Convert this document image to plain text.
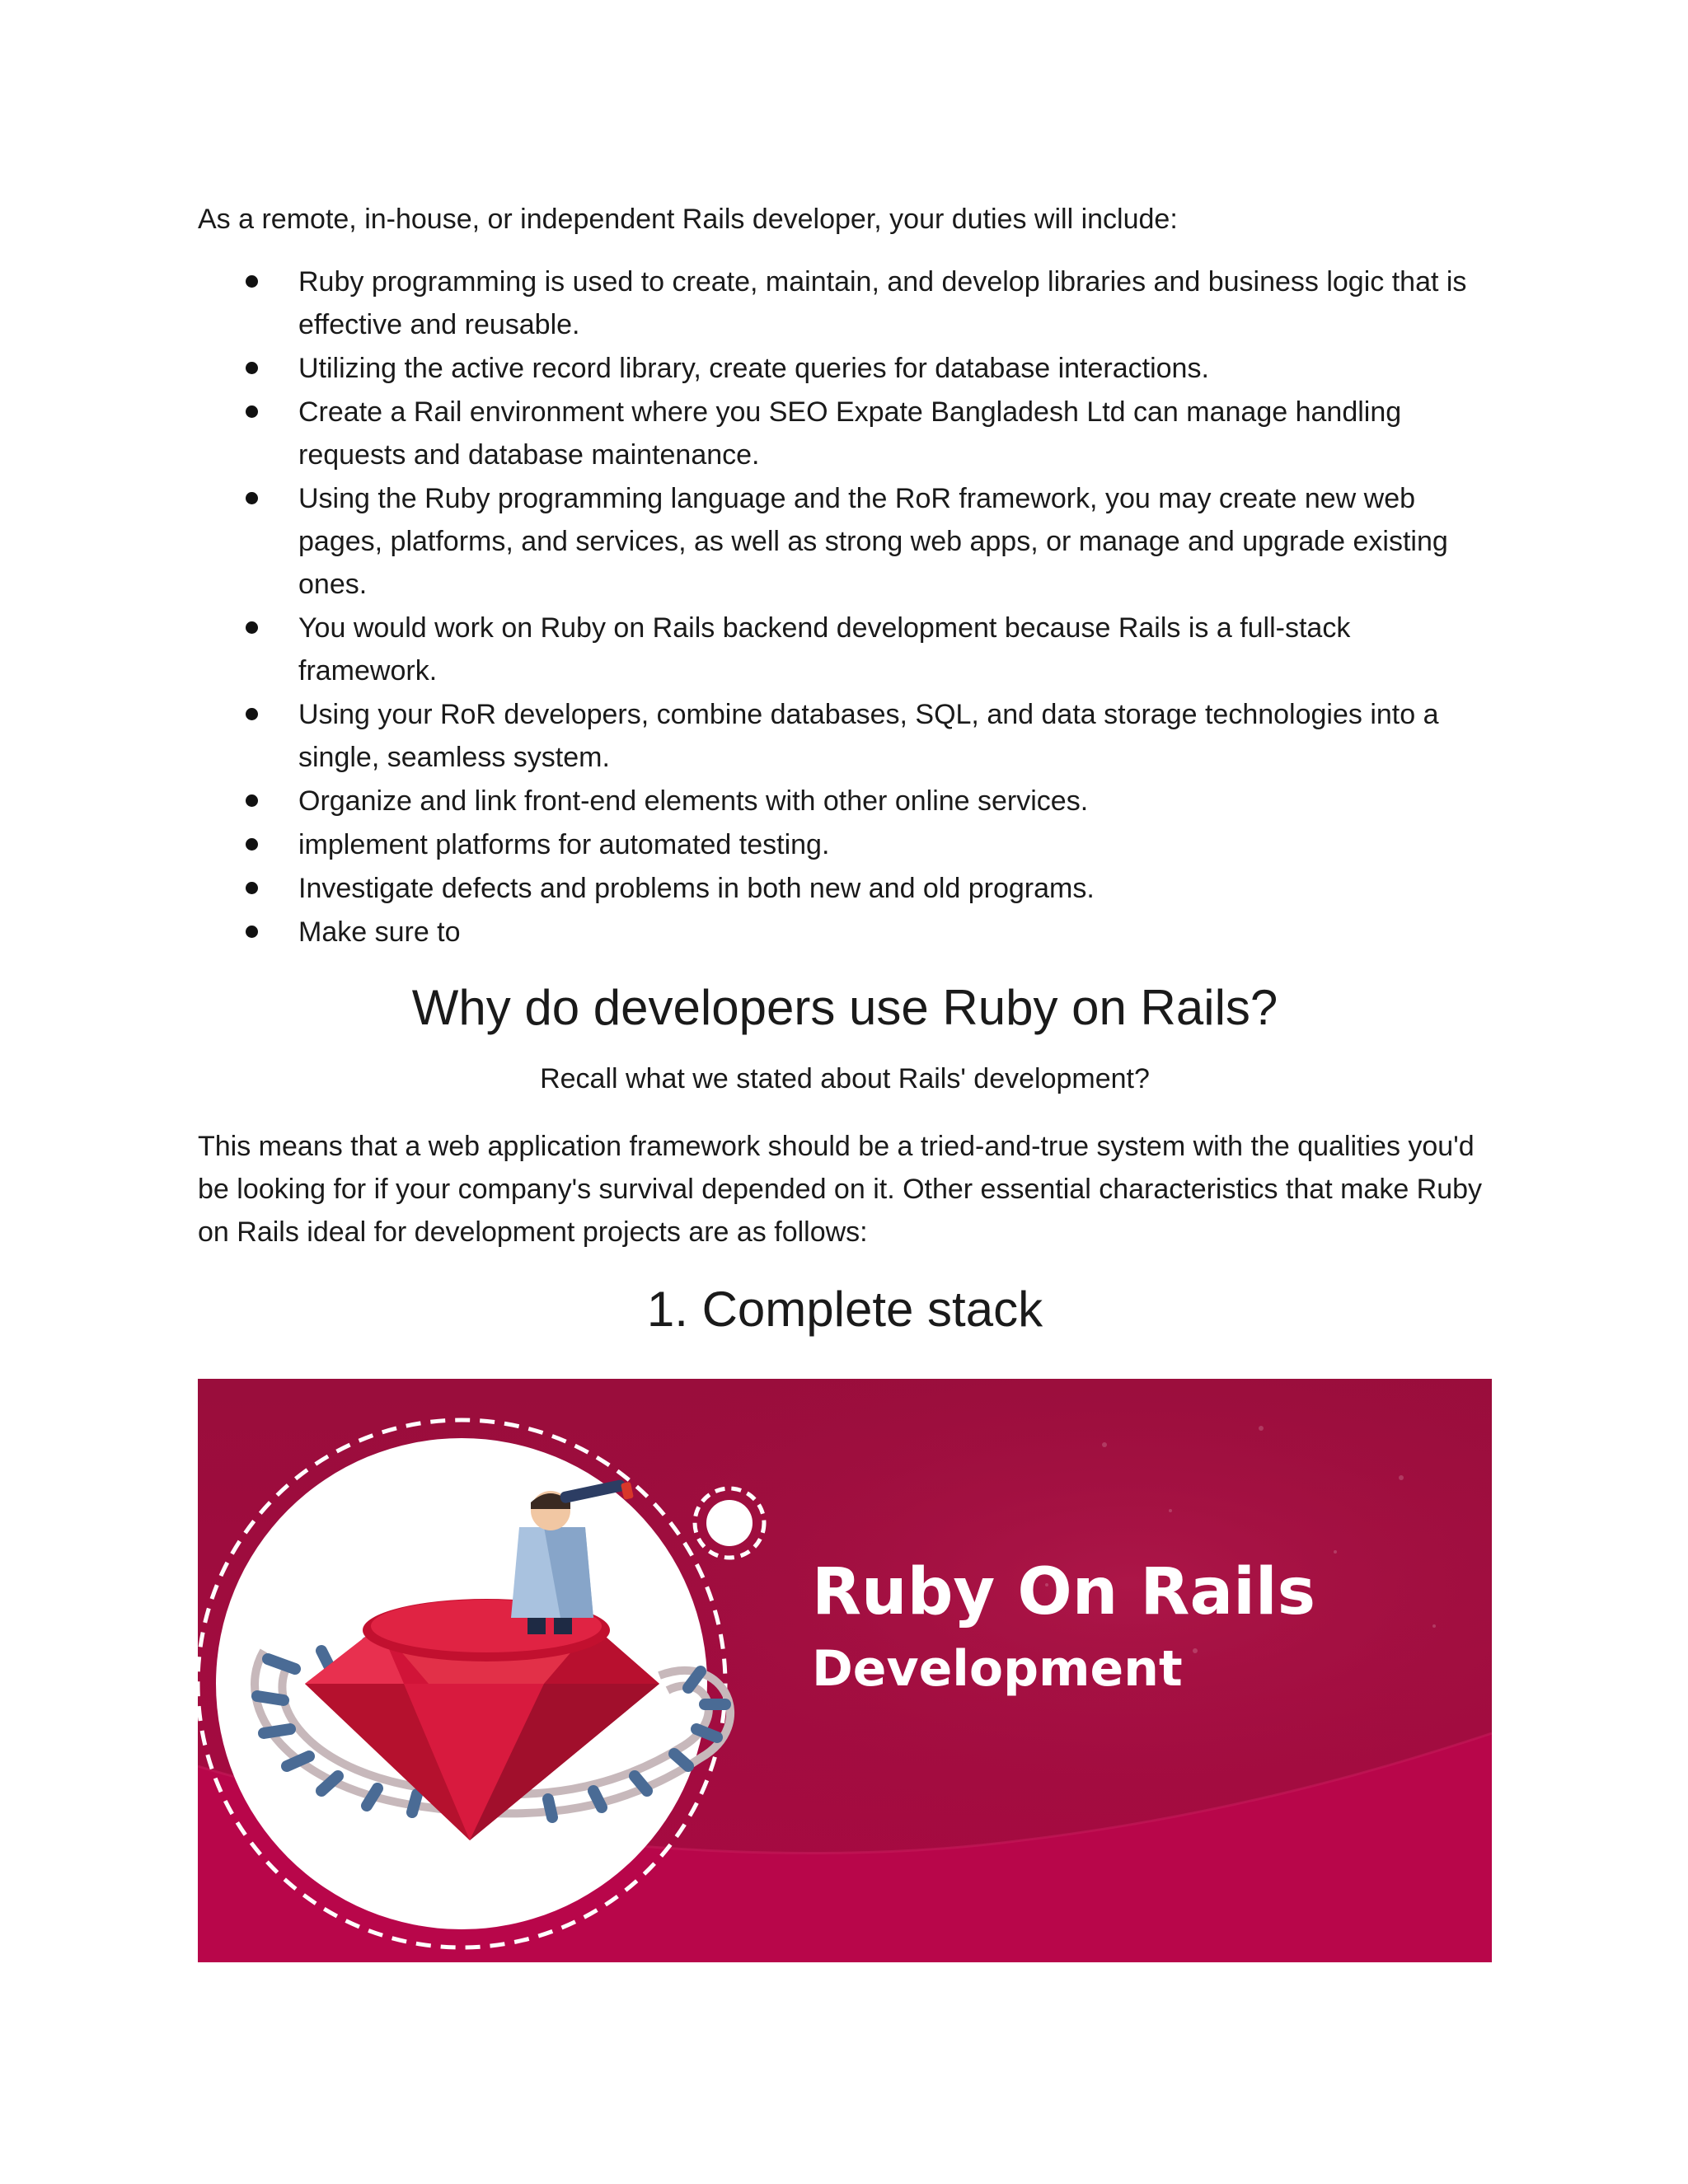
As a remote, in-house, or independent Rails developer, your duties will include:

Ruby programming is used to create, maintain, and develop libraries and business logic that is effective and reusable.
Utilizing the active record library, create queries for database interactions.
Create a Rail environment where you SEO Expate Bangladesh Ltd can manage handling requests and database maintenance.
Using the Ruby programming language and the RoR framework, you may create new web pages, platforms, and services, as well as strong web apps, or manage and upgrade existing ones.
You would work on Ruby on Rails backend development because Rails is a full-stack framework.
Using your RoR developers, combine databases, SQL, and data storage technologies into a single, seamless system.
Organize and link front-end elements with other online services.
implement platforms for automated testing.
Investigate defects and problems in both new and old programs.
Make sure to
Why do developers use Ruby on Rails?

Recall what we stated about Rails' development?

This means that a web application framework should be a tried-and-true system with the qualities you'd be looking for if your company's survival depended on it. Other essential characteristics that make Ruby on Rails ideal for development projects are as follows:

1. Complete stack
Ruby On Rails
Development
